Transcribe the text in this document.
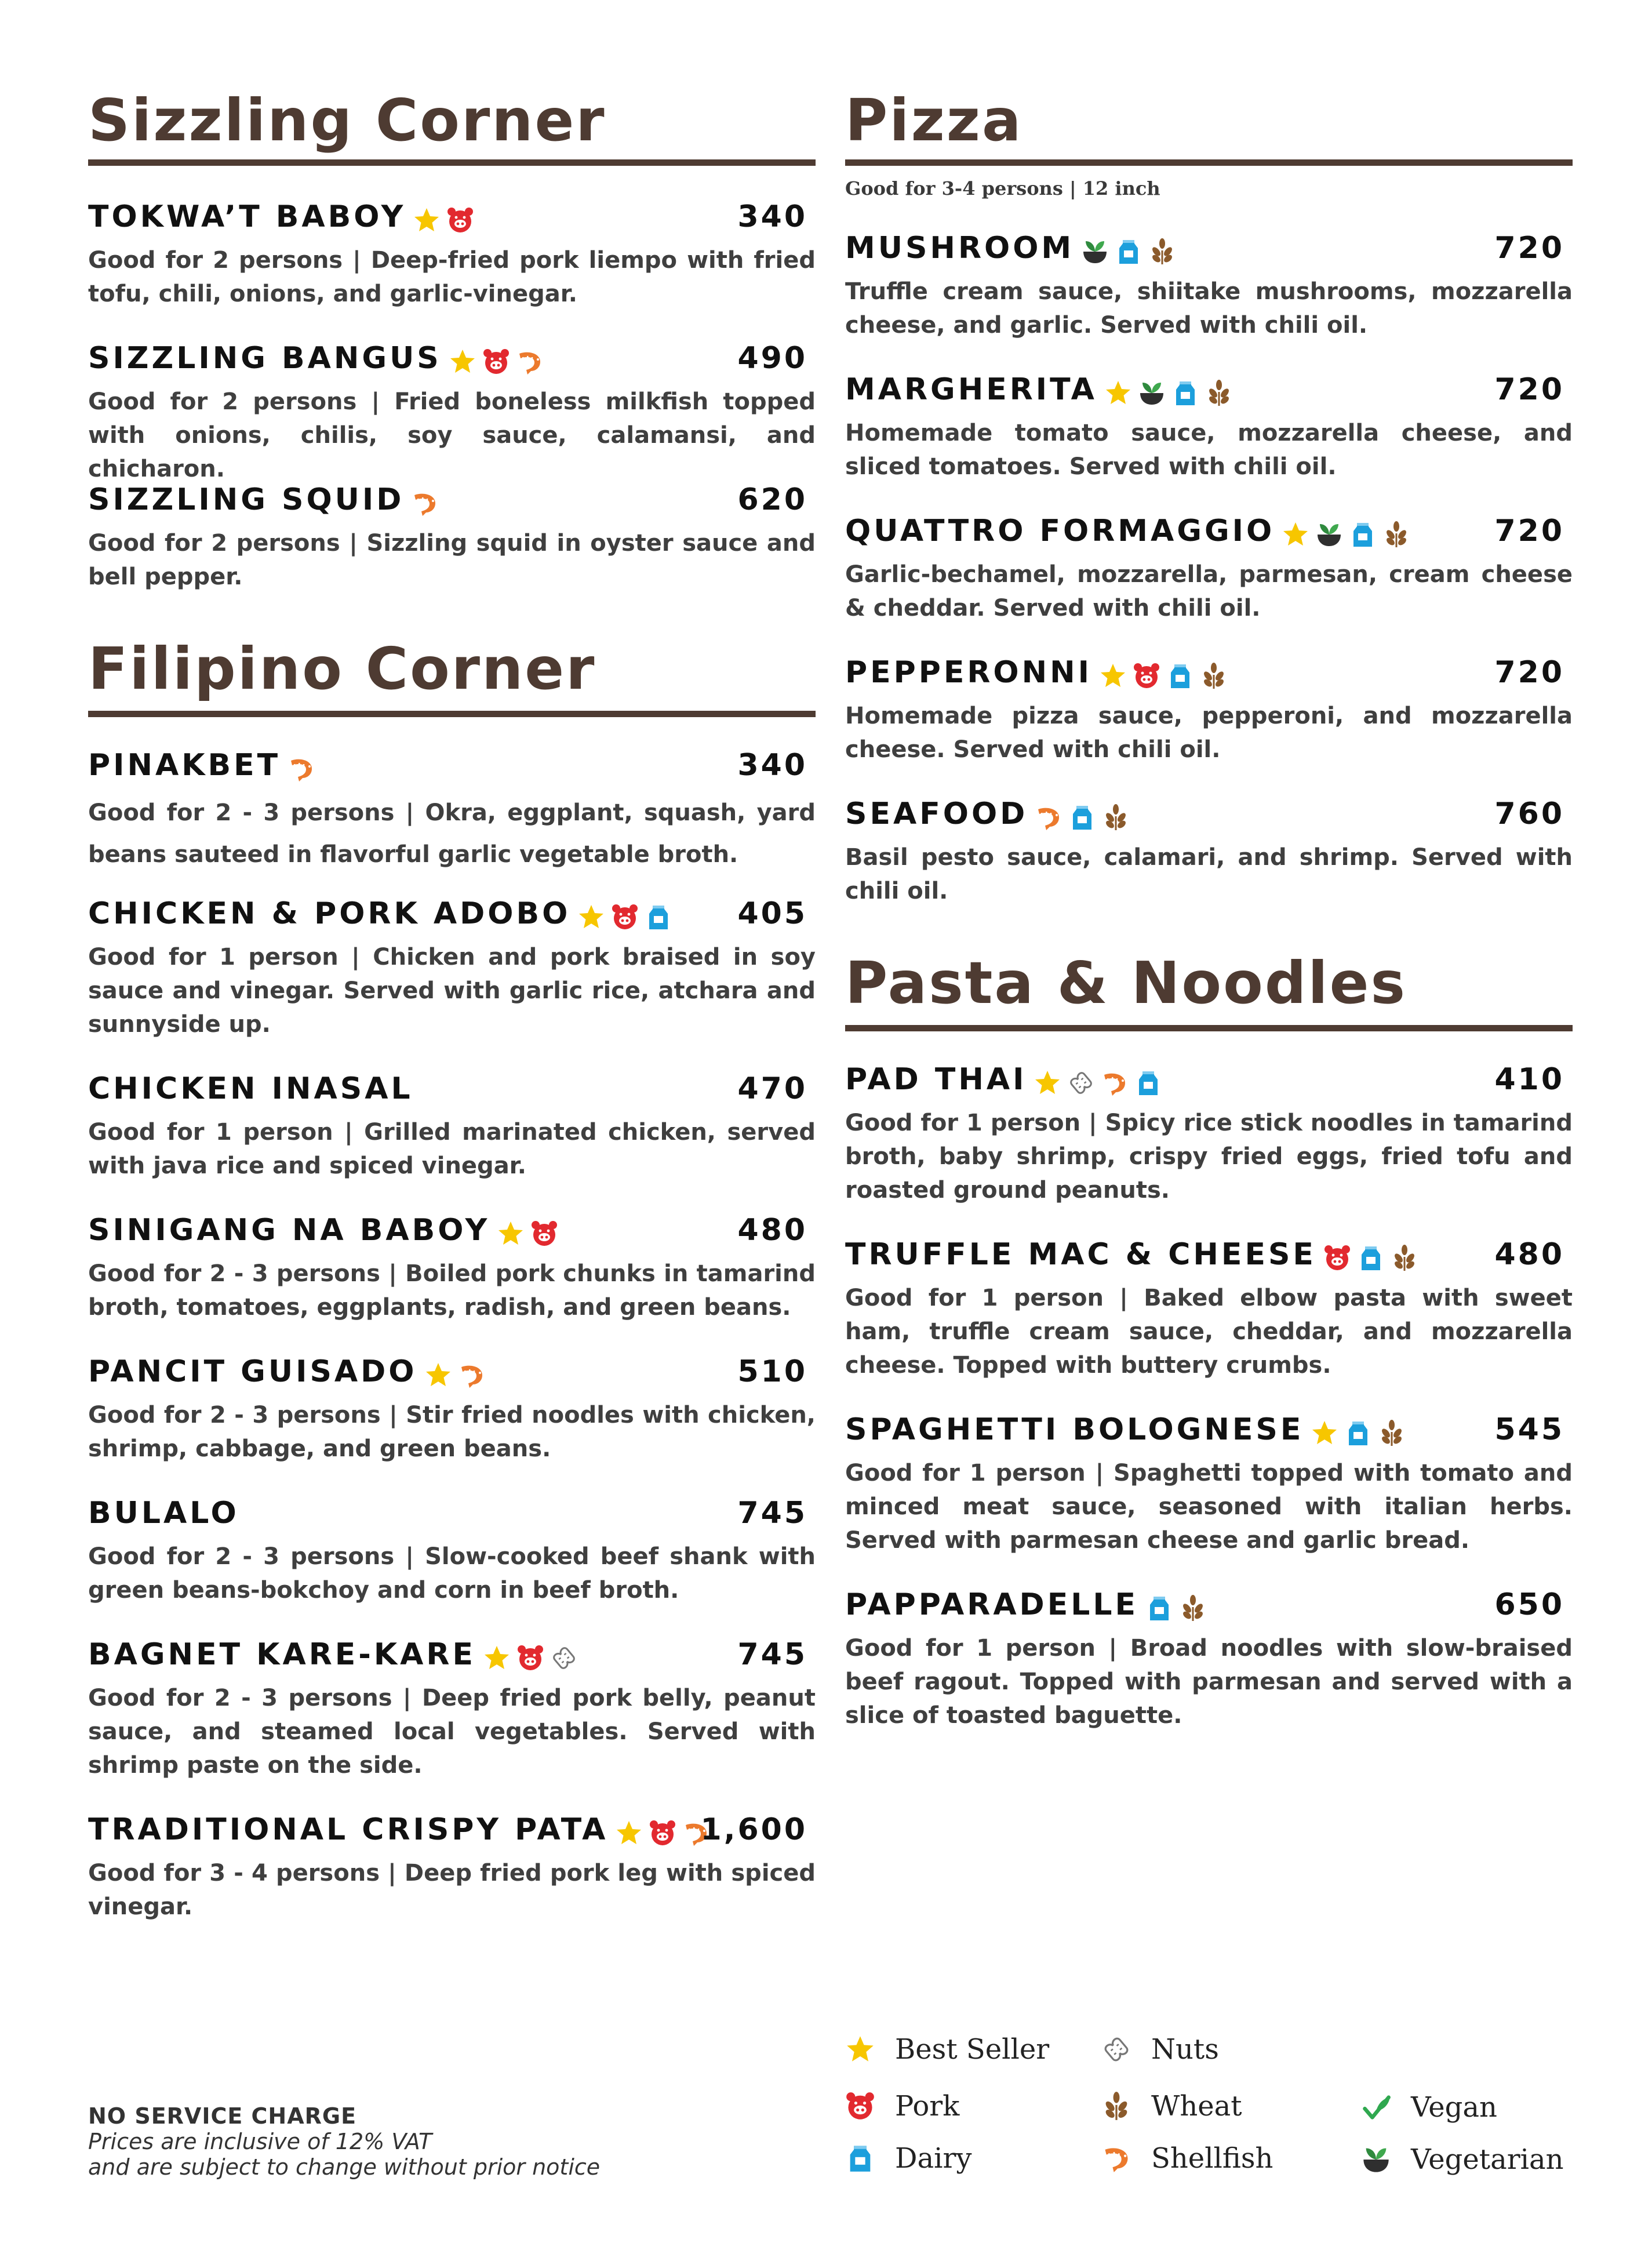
Sizzling Corner
TOKWA’T BABOY	340

Good for 2 persons | Deep-fried pork liempo with fried tofu, chili, onions, and garlic-vinegar.

SIZZLING BANGUS	490

Good for 2 persons | Fried boneless milkfish topped with onions, chilis, soy sauce, calamansi, and chicharon.

SIZZLING SQUID	620

Good for 2 persons | Sizzling squid in oyster sauce and bell pepper.

Filipino Corner
PINAKBET	340

Good for 2 - 3 persons | Okra, eggplant, squash, yard beans sauteed in flavorful garlic vegetable broth.

CHICKEN & PORK ADOBO	405

Good for 1 person | Chicken and pork braised in soy sauce and vinegar. Served with garlic rice, atchara and sunnyside up.

CHICKEN INASAL	470

Good for 1 person | Grilled marinated chicken, served with java rice and spiced vinegar.

SINIGANG NA BABOY	480

Good for 2 - 3 persons | Boiled pork chunks in tamarind broth, tomatoes, eggplants, radish, and green beans.

PANCIT GUISADO	510

Good for 2 - 3 persons | Stir fried noodles with chicken, shrimp, cabbage, and green beans.

BULALO	745

Good for 2 - 3 persons | Slow-cooked beef shank with green beans-bokchoy and corn in beef broth.

BAGNET KARE-KARE	745

Good for 2 - 3 persons | Deep fried pork belly, peanut sauce, and steamed local vegetables. Served with shrimp paste on the side.

TRADITIONAL CRISPY PATA	1,600

Good for 3 - 4 persons | Deep fried pork leg with spiced vinegar.

Pizza
Good for 3-4 persons | 12 inch
MUSHROOM	720

Truffle cream sauce, shiitake mushrooms, mozzarella cheese, and garlic. Served with chili oil.

MARGHERITA	720

Homemade tomato sauce, mozzarella cheese, and sliced tomatoes. Served with chili oil.

QUATTRO FORMAGGIO	720

Garlic-bechamel, mozzarella, parmesan, cream cheese & cheddar. Served with chili oil.

PEPPERONNI	720

Homemade pizza sauce, pepperoni, and mozzarella cheese. Served with chili oil.

SEAFOOD	760

Basil pesto sauce, calamari, and shrimp. Served with chili oil.

Pasta & Noodles
PAD THAI	410

Good for 1 person | Spicy rice stick noodles in tamarind broth, baby shrimp, crispy fried eggs, fried tofu and roasted ground peanuts.

TRUFFLE MAC & CHEESE	480

Good for 1 person | Baked elbow pasta with sweet ham, truffle cream sauce, cheddar, and mozzarella cheese. Topped with buttery crumbs.

SPAGHETTI BOLOGNESE	545

Good for 1 person | Spaghetti topped with tomato and minced meat sauce, seasoned with italian herbs. Served with parmesan cheese and garlic bread.

PAPPARADELLE	650

Good for 1 person | Broad noodles with slow-braised beef ragout. Topped with parmesan and served with a slice of toasted baguette.

NO SERVICE CHARGE
Prices are inclusive of 12% VAT
and are subject to change without prior notice
Best Seller
Pork
Dairy
Nuts
Wheat
Shellfish
Vegan
Vegetarian
